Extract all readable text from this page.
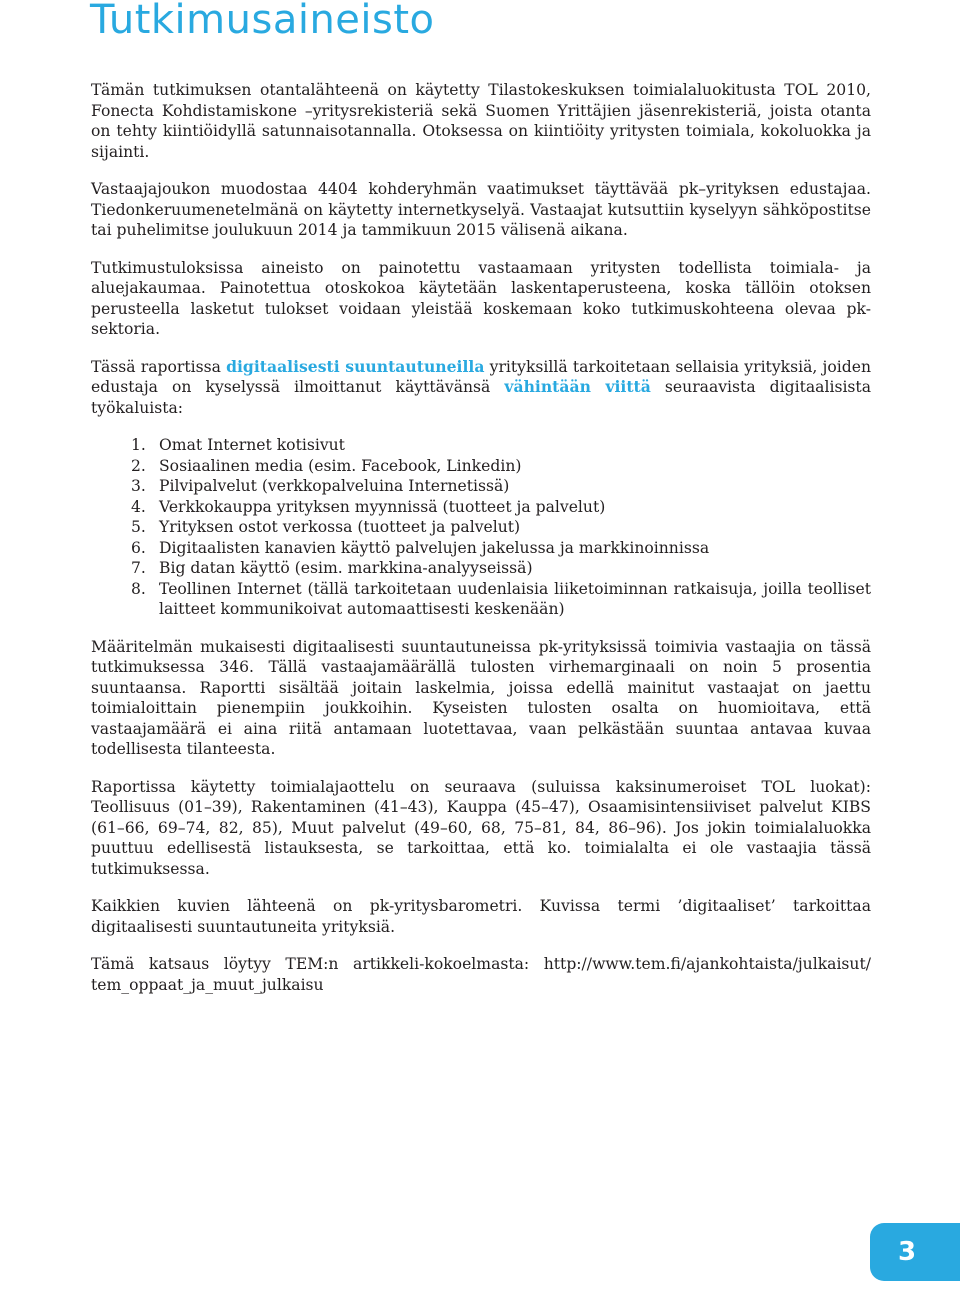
Tutkimusaineisto

Tämän tutkimuksen otantalähteenä on käytetty Tilastokeskuksen toimialaluokitusta TOL 2010, Fonecta Kohdistamiskone –yritysrekisteriä sekä Suomen Yrittäjien jäsenrekisteriä, joista otanta on tehty kiintiöidyllä satunnaisotannalla. Otoksessa on kiintiöity yritysten toimiala, kokoluokka ja sijainti.

Vastaajajoukon muodostaa 4404 kohderyhmän vaatimukset täyttävää pk–yrityksen edustajaa. Tiedonkeruumenetelmänä on käytetty internetkyselyä. Vastaajat kutsuttiin kyselyyn sähköpostitse tai puhelimitse joulukuun 2014 ja tammikuun 2015 välisenä aikana.

Tutkimustuloksissa aineisto on painotettu vastaamaan yritysten todellista toimiala- ja aluejakaumaa. Painotettua otoskokoa käytetään laskentaperusteena, koska tällöin otoksen perusteella lasketut tulokset voidaan yleistää koskemaan koko tutkimuskohteena olevaa pk-sektoria.

Tässä raportissa digitaalisesti suuntautuneilla yrityksillä tarkoitetaan sellaisia yrityksiä, joiden edustaja on kyselyssä ilmoittanut käyttävänsä vähintään viittä seuraavista digitaalisista työkaluista:

1. Omat Internet kotisivut
2. Sosiaalinen media (esim. Facebook, Linkedin)
3. Pilvipalvelut (verkkopalveluina Internetissä)
4. Verkkokauppa yrityksen myynnissä (tuotteet ja palvelut)
5. Yrityksen ostot verkossa (tuotteet ja palvelut)
6. Digitaalisten kanavien käyttö palvelujen jakelussa ja markkinoinnissa
7. Big datan käyttö (esim. markkina-analyyseissä)
8. Teollinen Internet (tällä tarkoitetaan uudenlaisia liiketoiminnan ratkaisuja, joilla teolliset laitteet kommunikoivat automaattisesti keskenään)

Määritelmän mukaisesti digitaalisesti suuntautuneissa pk-yrityksissä toimivia vastaajia on tässä tutkimuksessa 346. Tällä vastaajamäärällä tulosten virhemarginaali on noin 5 prosentia suuntaansa. Raportti sisältää joitain laskelmia, joissa edellä mainitut vastaajat on jaettu toimialoittain pienempiin joukkoihin. Kyseisten tulosten osalta on huomioitava, että vastaajamäärä ei aina riitä antamaan luotettavaa, vaan pelkästään suuntaa antavaa kuvaa todellisesta tilanteesta.

Raportissa käytetty toimialajaottelu on seuraava (suluissa kaksinumeroiset TOL luokat): Teollisuus (01–39), Rakentaminen (41–43), Kauppa (45–47), Osaamisintensiiviset palvelut KIBS (61–66, 69–74, 82, 85), Muut palvelut (49–60, 68, 75–81, 84, 86–96). Jos jokin toimialaluokka puuttuu edellisestä listauksesta, se tarkoittaa, että ko. toimialalta ei ole vastaajia tässä tutkimuksessa.

Kaikkien kuvien lähteenä on pk-yritysbarometri. Kuvissa termi ’digitaaliset’ tarkoittaa digitaalisesti suuntautuneita yrityksiä.

Tämä katsaus löytyy TEM:n artikkeli-kokoelmasta: http://www.tem.fi/ajankohtaista/julkaisut/ tem_oppaat_ja_muut_julkaisu

3
